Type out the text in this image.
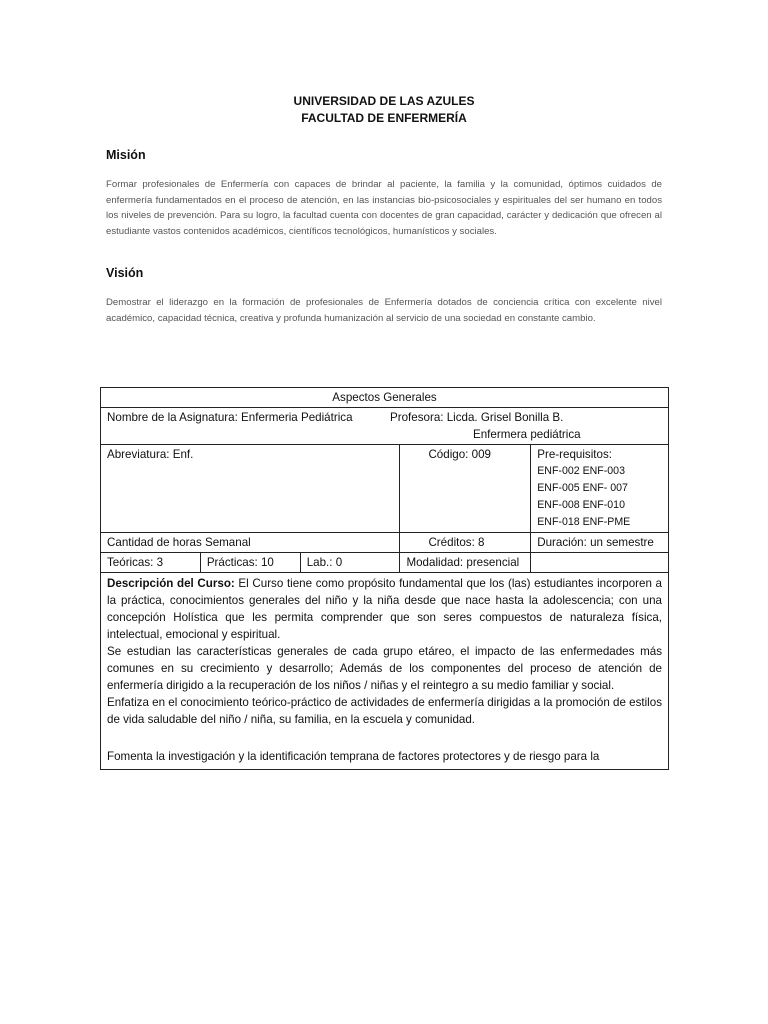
UNIVERSIDAD DE LAS AZULES
FACULTAD DE ENFERMERÍA
Misión
Formar profesionales de Enfermería con capaces de brindar al paciente, la familia y la comunidad, óptimos cuidados de enfermería fundamentados en el proceso de atención, en las instancias bio-psicosociales y espirituales del ser humano en todos los niveles de prevención. Para su logro, la facultad cuenta con docentes de gran capacidad, carácter y dedicación que ofrecen al estudiante vastos contenidos académicos, científicos tecnológicos, humanísticos y sociales.
Visión
Demostrar el liderazgo en la formación de profesionales de Enfermería dotados de conciencia crítica con excelente nivel académico, capacidad técnica, creativa y profunda humanización al servicio de una sociedad en constante cambio.
Aspectos Generales				

Nombre de la Asignatura: Enfermeria Pediátrica Profesora: Licda. Grisel Bonilla B.
Enfermera pediátrica				

Abreviatura: Enf.			Código: 009	Pre-requisitos:
ENF-002 ENF-003
ENF-005 ENF- 007
ENF-008 ENF-010
ENF-018 ENF-PME

Cantidad de horas Semanal			Créditos: 8	Duración: un semestre
Teóricas: 3	Prácticas: 10	Lab.: 0	Modalidad: presencial	

Descripción del Curso: El Curso tiene como propósito fundamental que los (las) estudiantes incorporen a la práctica, conocimientos generales del niño y la niña desde que nace hasta la adolescencia; con una concepción Holística que les permita comprender que son seres compuestos de naturaleza física, intelectual, emocional y espiritual.

Se estudian las características generales de cada grupo etáreo, el impacto de las enfermedades más comunes en su crecimiento y desarrollo; Además de los componentes del proceso de atención de enfermería dirigido a la recuperación de los niños / niñas y el reintegro a su medio familiar y social.

Enfatiza en el conocimiento teórico-práctico de actividades de enfermería dirigidas a la promoción de estilos de vida saludable del niño / niña, su familia, en la escuela y comunidad.

Fomenta la investigación y la identificación temprana de factores protectores y de riesgo para la				
